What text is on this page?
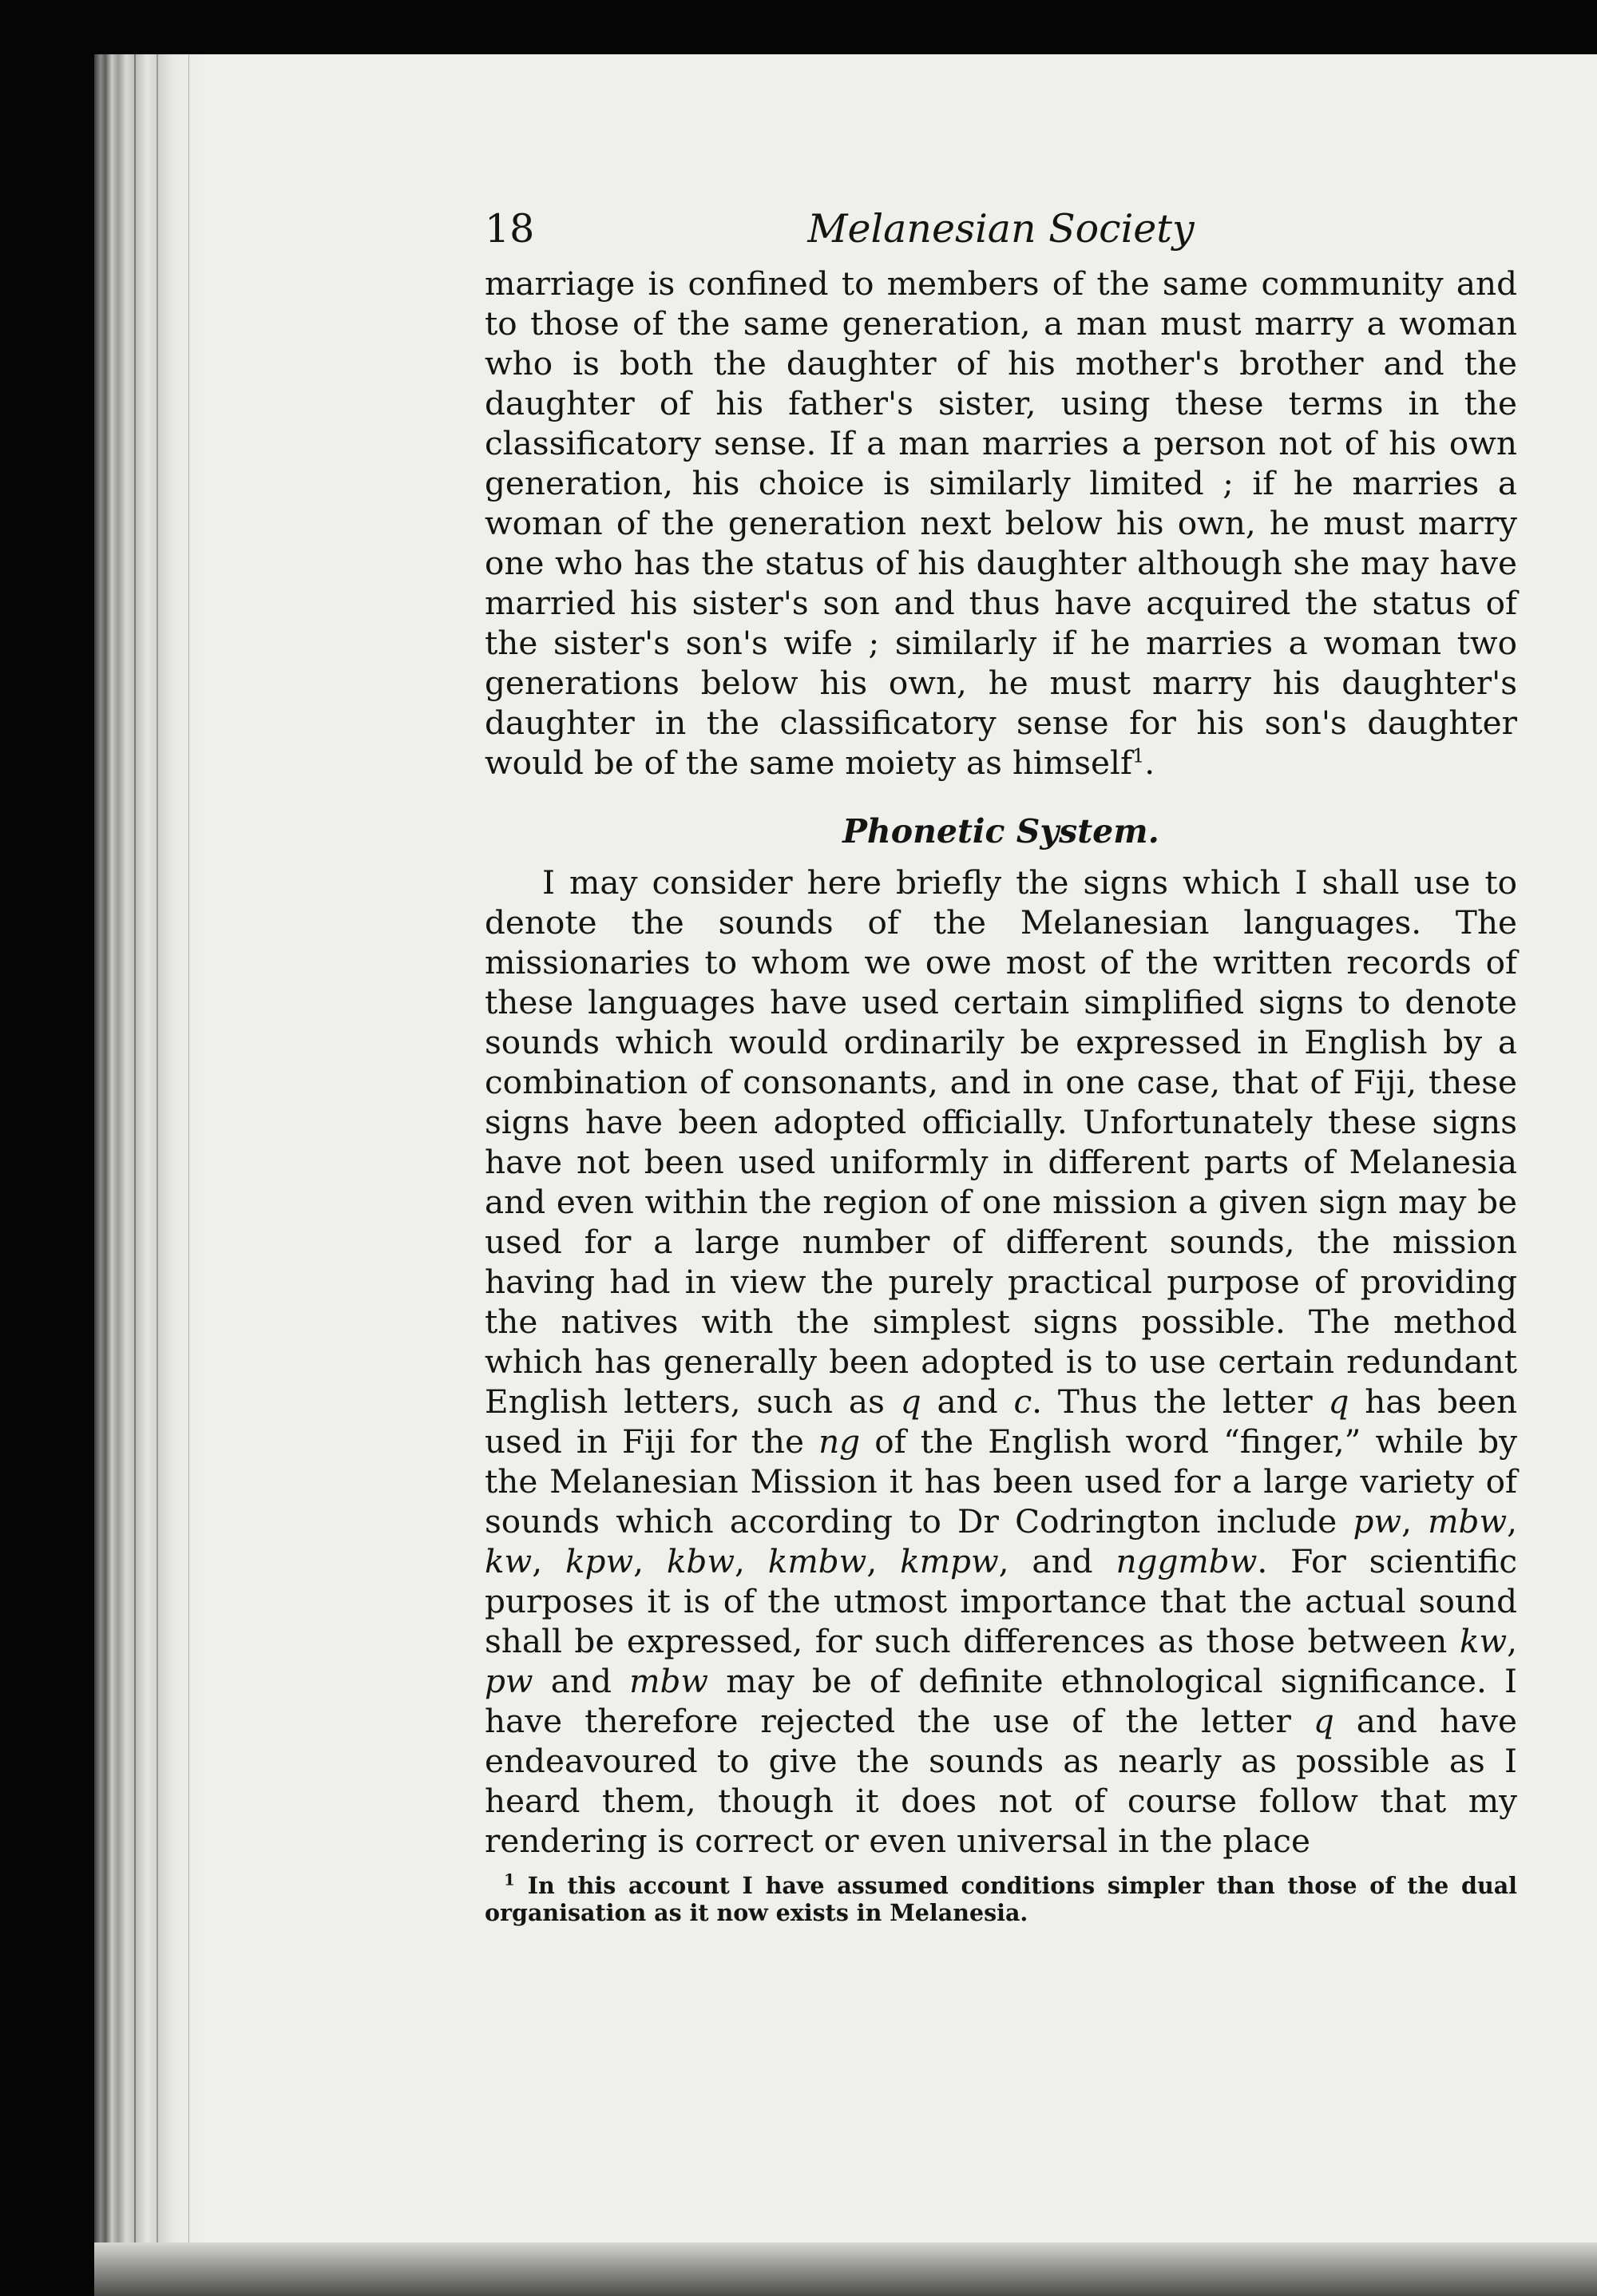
18	Melanesian Society

marriage is confined to members of the same community and to those of the same generation, a man must marry a woman who is both the daughter of his mother's brother and the daughter of his father's sister, using these terms in the classificatory sense. If a man marries a person not of his own generation, his choice is similarly limited ; if he marries a woman of the generation next below his own, he must marry one who has the status of his daughter although she may have married his sister's son and thus have acquired the status of the sister's son's wife ; similarly if he marries a woman two generations below his own, he must marry his daughter's daughter in the classificatory sense for his son's daughter would be of the same moiety as himself$^1$.

Phonetic System.

I may consider here briefly the signs which I shall use to denote the sounds of the Melanesian languages. The missionaries to whom we owe most of the written records of these languages have used certain simplified signs to denote sounds which would ordinarily be expressed in English by a combination of consonants, and in one case, that of Fiji, these signs have been adopted officially. Unfortunately these signs have not been used uniformly in different parts of Melanesia and even within the region of one mission a given sign may be used for a large number of different sounds, the mission having had in view the purely practical purpose of providing the natives with the simplest signs possible. The method which has generally been adopted is to use certain redundant English letters, such as q and c. Thus the letter q has been used in Fiji for the ng of the English word “finger,” while by the Melanesian Mission it has been used for a large variety of sounds which according to Dr Codrington include pw, mbw, kw, kpw, kbw, kmbw, kmpw, and nggmbw. For scientific purposes it is of the utmost importance that the actual sound shall be expressed, for such differences as those between kw, pw and mbw may be of definite ethnological significance. I have therefore rejected the use of the letter q and have endeavoured to give the sounds as nearly as possible as I heard them, though it does not of course follow that my rendering is correct or even universal in the place

$^1$ In this account I have assumed conditions simpler than those of the dual organisation as it now exists in Melanesia.
